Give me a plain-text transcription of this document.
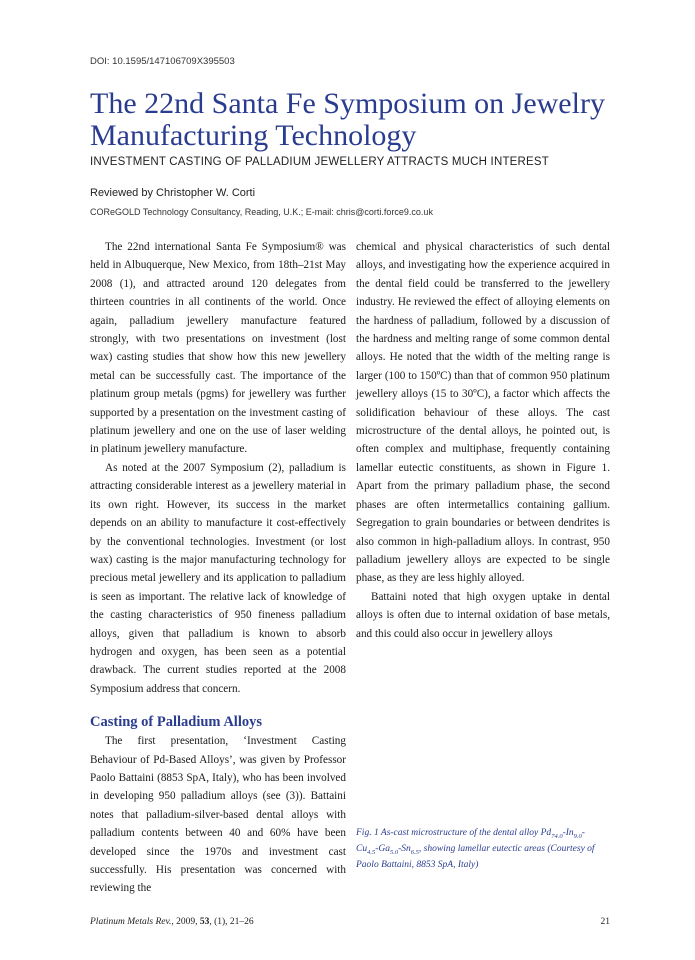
DOI: 10.1595/147106709X395503
The 22nd Santa Fe Symposium on Jewelry Manufacturing Technology
INVESTMENT CASTING OF PALLADIUM JEWELLERY ATTRACTS MUCH INTEREST
Reviewed by Christopher W. Corti
COReGOLD Technology Consultancy, Reading, U.K.; E-mail: chris@corti.force9.co.uk

The 22nd international Santa Fe Symposium® was held in Albuquerque, New Mexico, from 18th–21st May 2008 (1), and attracted around 120 delegates from thirteen countries in all continents of the world. Once again, palladium jewellery manufacture featured strongly, with two presentations on investment (lost wax) casting studies that show how this new jewellery metal can be successfully cast. The importance of the platinum group metals (pgms) for jewellery was further supported by a presentation on the investment casting of platinum jewellery and one on the use of laser welding in platinum jewellery manufacture.

As noted at the 2007 Symposium (2), palladium is attracting considerable interest as a jewellery material in its own right. However, its success in the market depends on an ability to manufacture it cost-effectively by the conventional technologies. Investment (or lost wax) casting is the major manufacturing technology for precious metal jewellery and its application to palladium is seen as important. The relative lack of knowledge of the casting characteristics of 950 fineness palladium alloys, given that palladium is known to absorb hydrogen and oxygen, has been seen as a potential drawback. The current studies reported at the 2008 Symposium address that concern.

Casting of Palladium Alloys

The first presentation, ‘Investment Casting Behaviour of Pd-Based Alloys’, was given by Professor Paolo Battaini (8853 SpA, Italy), who has been involved in developing 950 palladium alloys (see (3)). Battaini notes that palladium-silver-based dental alloys with palladium contents between 40 and 60% have been developed since the 1970s and investment cast successfully. His presentation was concerned with reviewing the

chemical and physical characteristics of such dental alloys, and investigating how the experience acquired in the dental field could be transferred to the jewellery industry. He reviewed the effect of alloying elements on the hardness of palladium, followed by a discussion of the hardness and melting range of some common dental alloys. He noted that the width of the melting range is larger (100 to 150ºC) than that of common 950 platinum jewellery alloys (15 to 30ºC), a factor which affects the solidification behaviour of these alloys. The cast microstructure of the dental alloys, he pointed out, is often complex and multiphase, frequently containing lamellar eutectic constituents, as shown in Figure 1. Apart from the primary palladium phase, the second phases are often intermetallics containing gallium. Segregation to grain boundaries or between dendrites is also common in high-palladium alloys. In contrast, 950 palladium jewellery alloys are expected to be single phase, as they are less highly alloyed.

Battaini noted that high oxygen uptake in dental alloys is often due to internal oxidation of base metals, and this could also occur in jewellery alloys

Fig. 1 As-cast microstructure of the dental alloy $Pd_{74.0}-In_{9.0}-Cu_{4.5}-Ga_{5.0}-Sn_{6.5}$, showing lamellar eutectic areas (Courtesy of Paolo Battaini, 8853 SpA, Italy)
Platinum Metals Rev., 2009, 53, (1), 21–26	21
